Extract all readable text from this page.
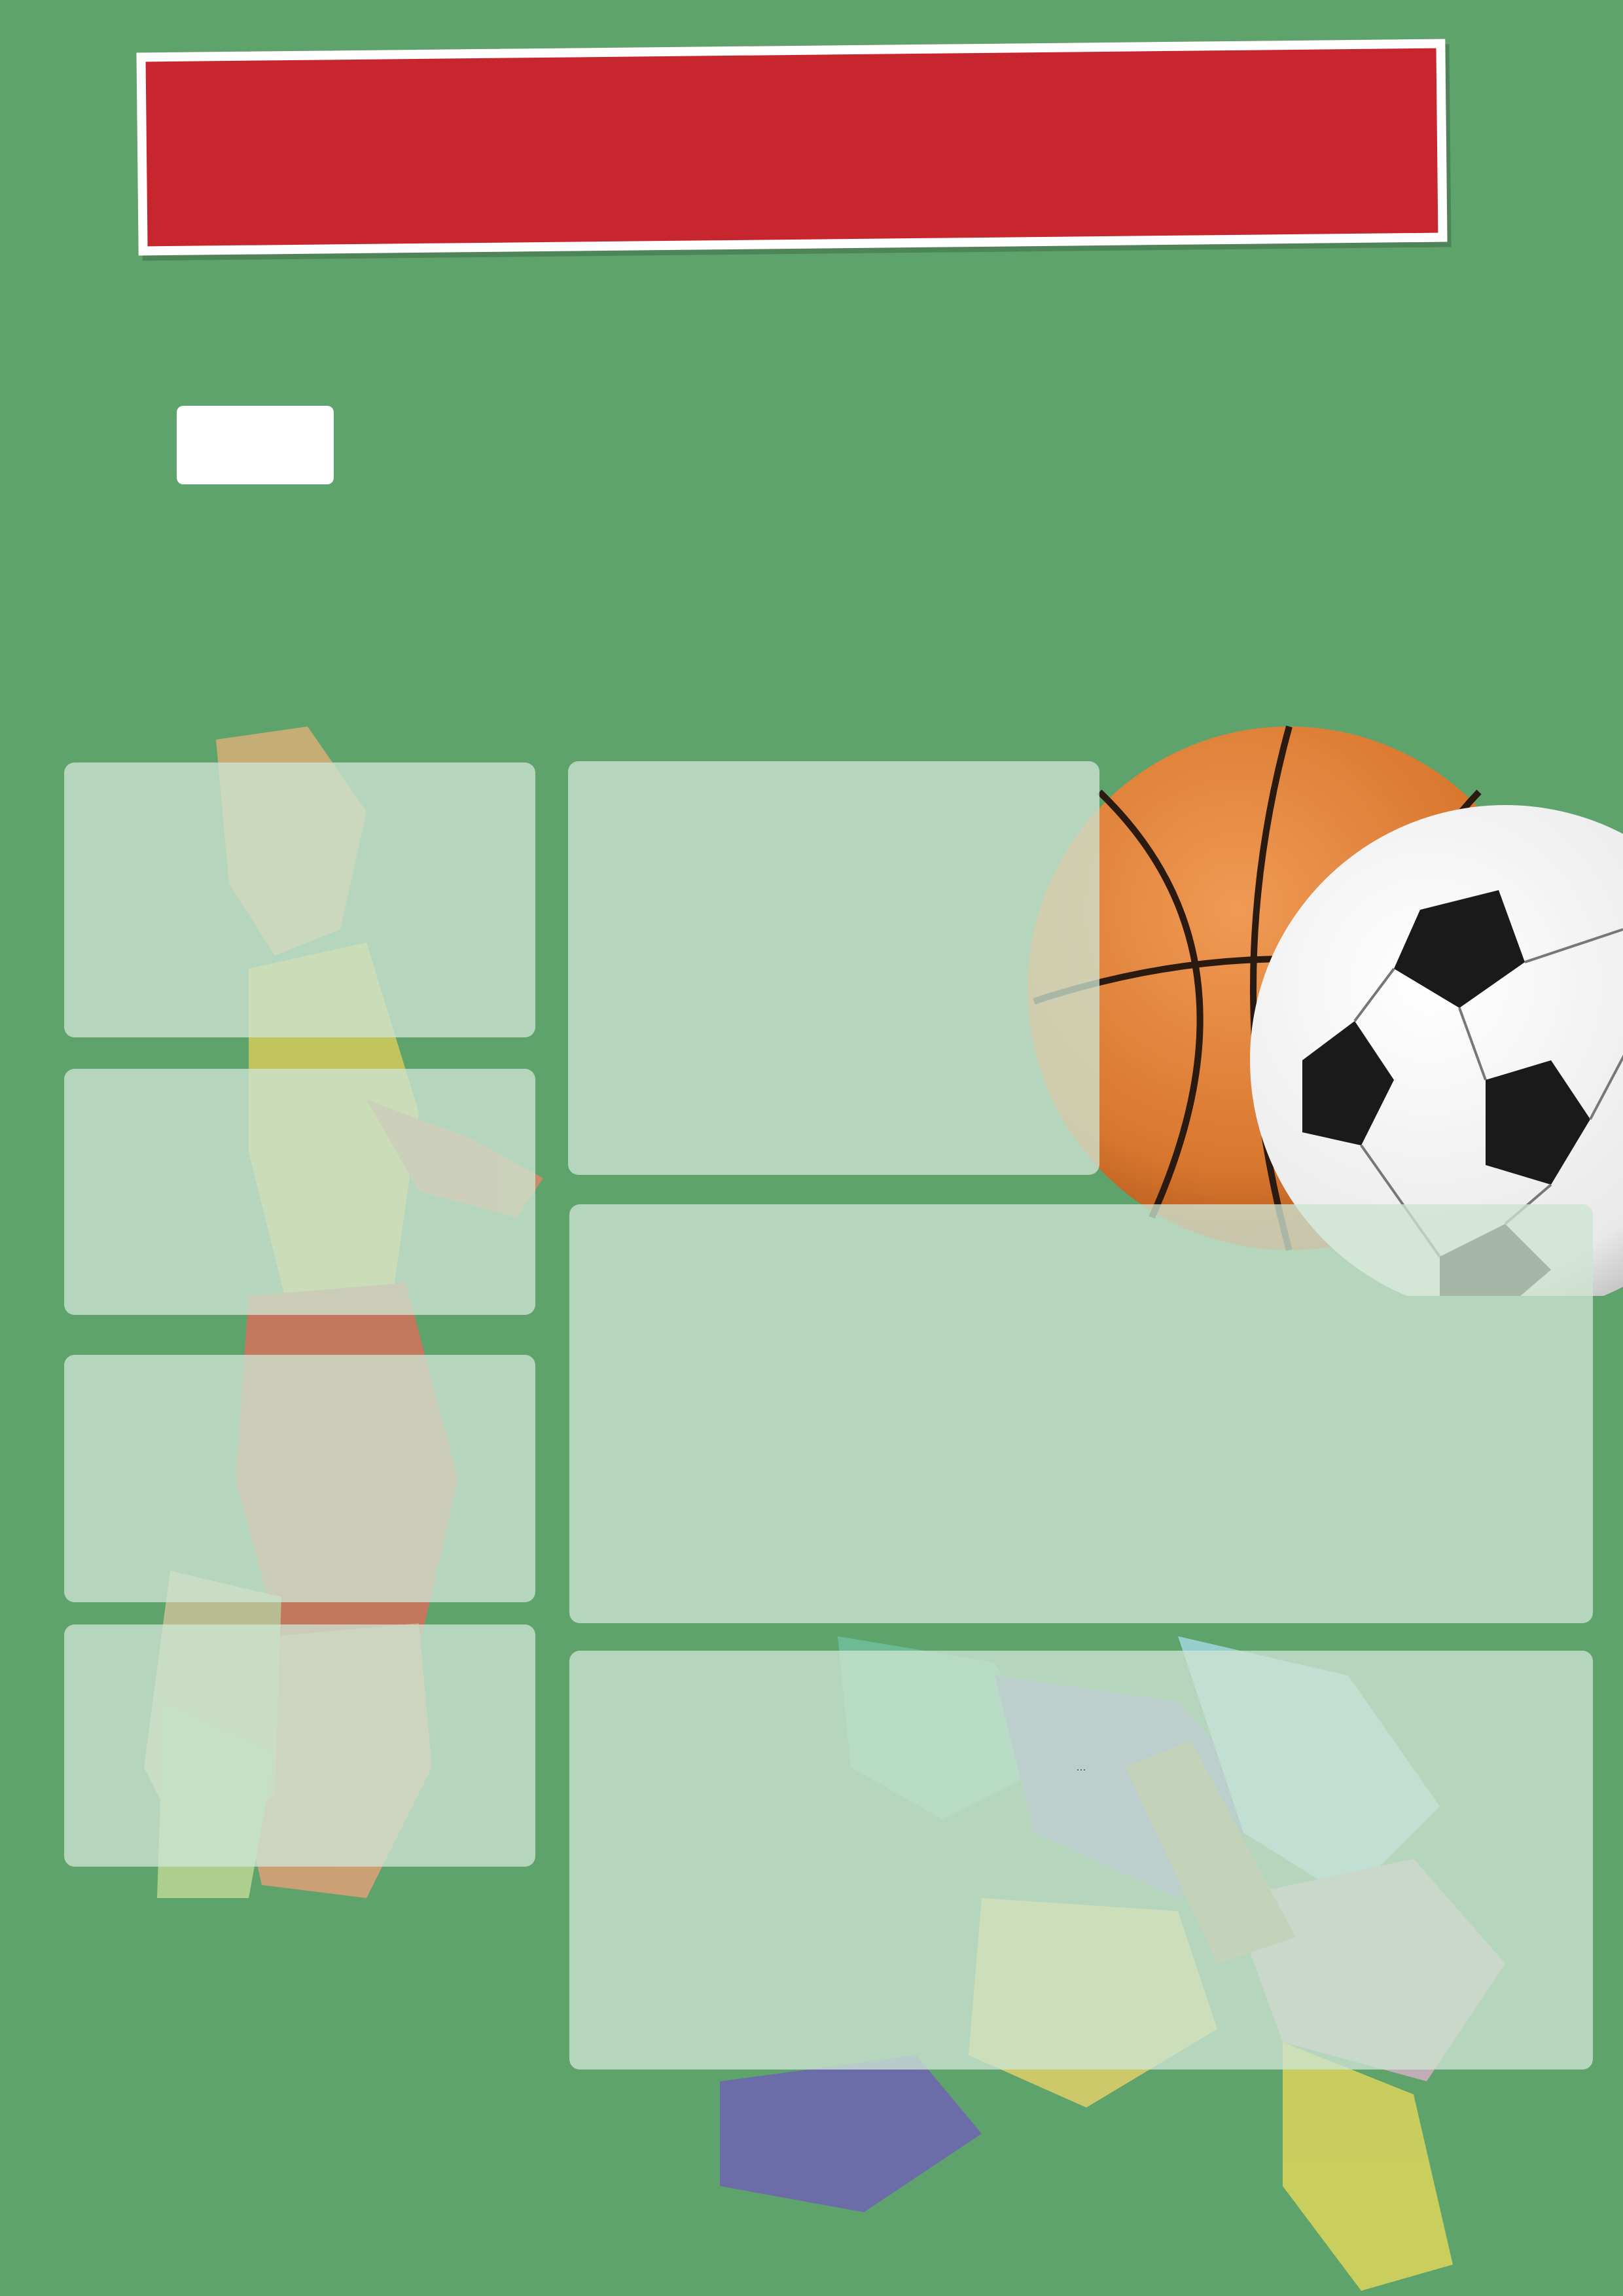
…
